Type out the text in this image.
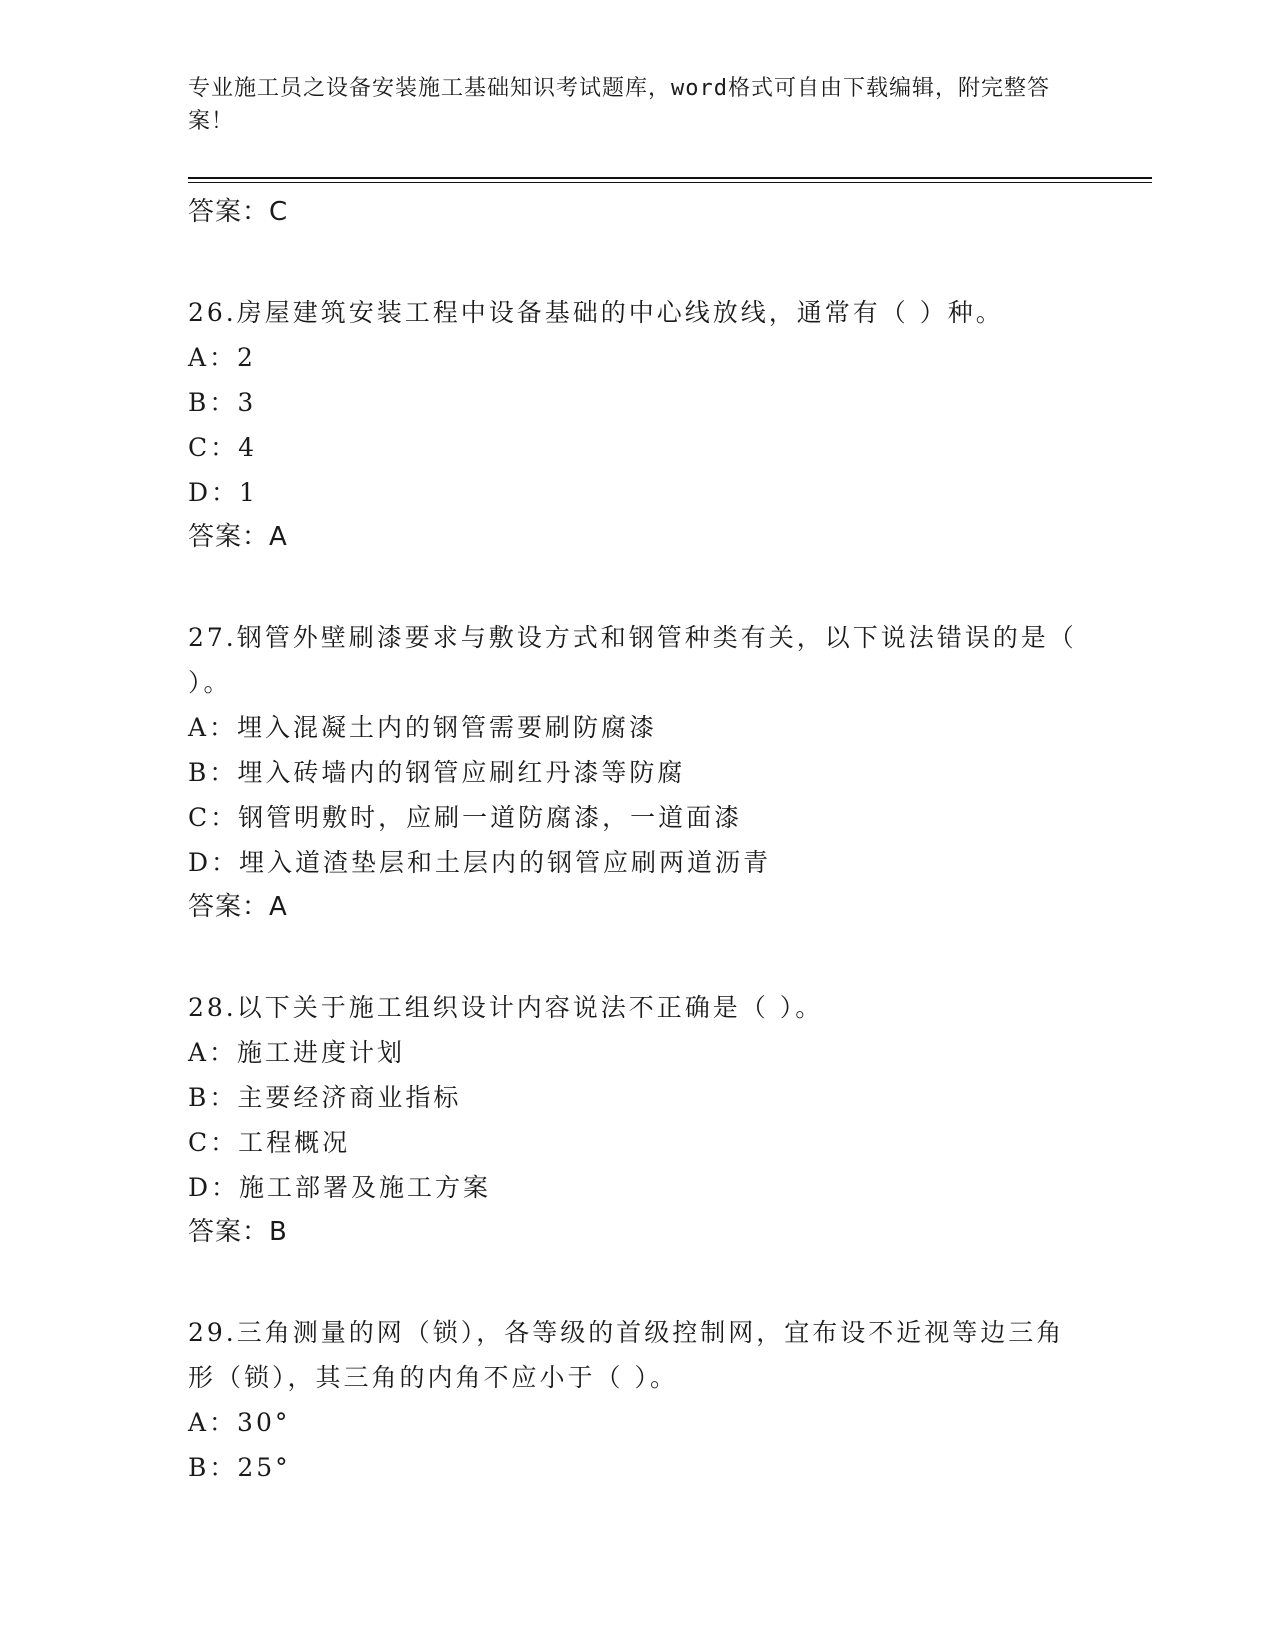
专业施工员之设备安装施工基础知识考试题库，word格式可自由下载编辑，附完整答案！
答案：C
26.房屋建筑安装工程中设备基础的中心线放线，通常有（ ）种。
A：2
B：3
C：4
D：1
答案：A
27.钢管外壁刷漆要求与敷设方式和钢管种类有关，以下说法错误的是（ ）。
A：埋入混凝土内的钢管需要刷防腐漆
B：埋入砖墙内的钢管应刷红丹漆等防腐
C：钢管明敷时，应刷一道防腐漆，一道面漆
D：埋入道渣垫层和土层内的钢管应刷两道沥青
答案：A
28.以下关于施工组织设计内容说法不正确是（ ）。
A：施工进度计划
B：主要经济商业指标
C：工程概况
D：施工部署及施工方案
答案：B
29.三角测量的网（锁），各等级的首级控制网，宜布设不近视等边三角形（锁），其三角的内角不应小于（ ）。
A：30°
B：25°
